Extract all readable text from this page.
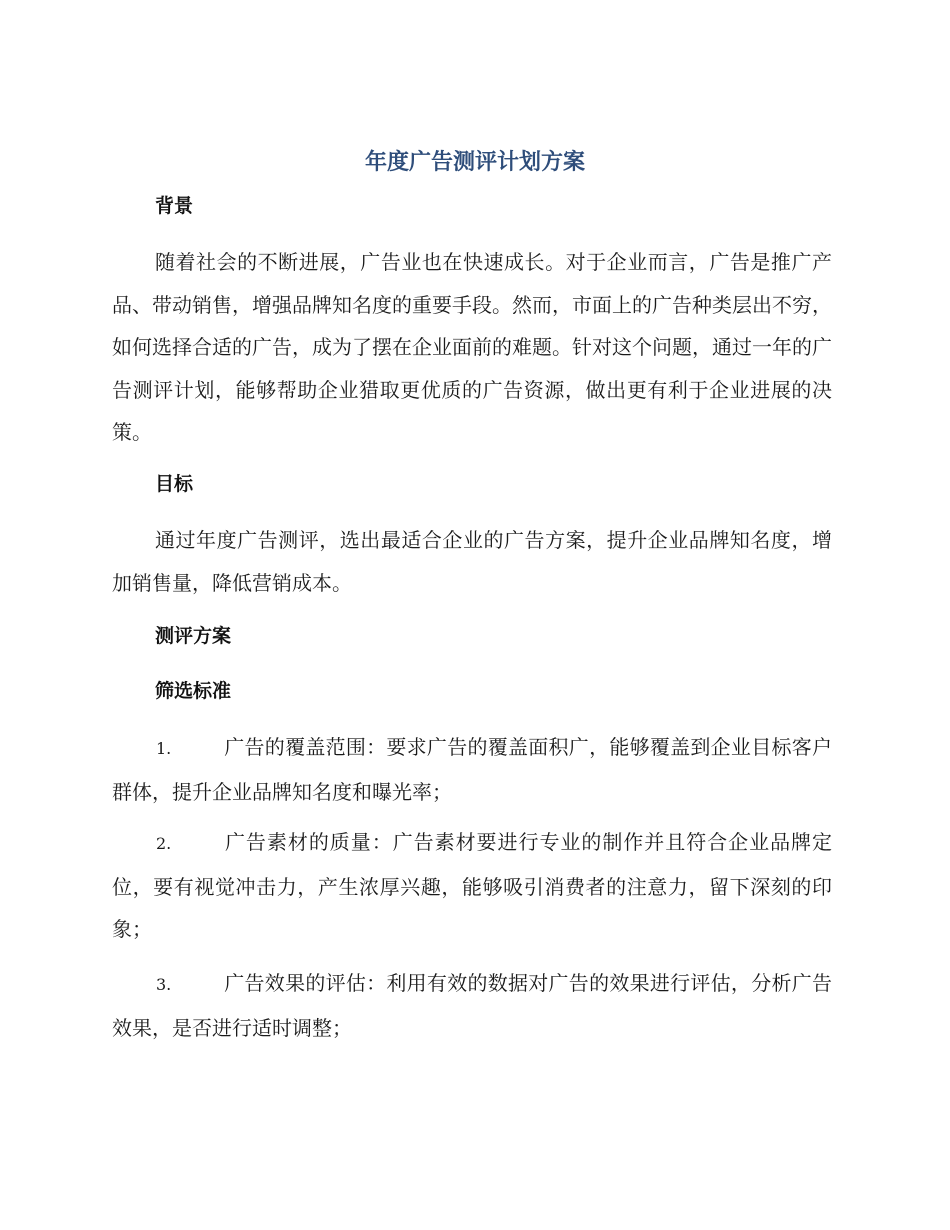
年度广告测评计划方案
背景

随着社会的不断进展，广告业也在快速成长。对于企业而言，广告是推广产品、带动销售，增强品牌知名度的重要手段。然而，市面上的广告种类层出不穷，如何选择合适的广告，成为了摆在企业面前的难题。针对这个问题，通过一年的广告测评计划，能够帮助企业猎取更优质的广告资源，做出更有利于企业进展的决策。

目标

通过年度广告测评，选出最适合企业的广告方案，提升企业品牌知名度，增加销售量，降低营销成本。

测评方案
筛选标准

1.	广告的覆盖范围：要求广告的覆盖面积广，能够覆盖到企业目标客户群体，提升企业品牌知名度和曝光率；

2.	广告素材的质量：广告素材要进行专业的制作并且符合企业品牌定位，要有视觉冲击力，产生浓厚兴趣，能够吸引消费者的注意力，留下深刻的印象；

3.	广告效果的评估：利用有效的数据对广告的效果进行评估，分析广告效果，是否进行适时调整；
